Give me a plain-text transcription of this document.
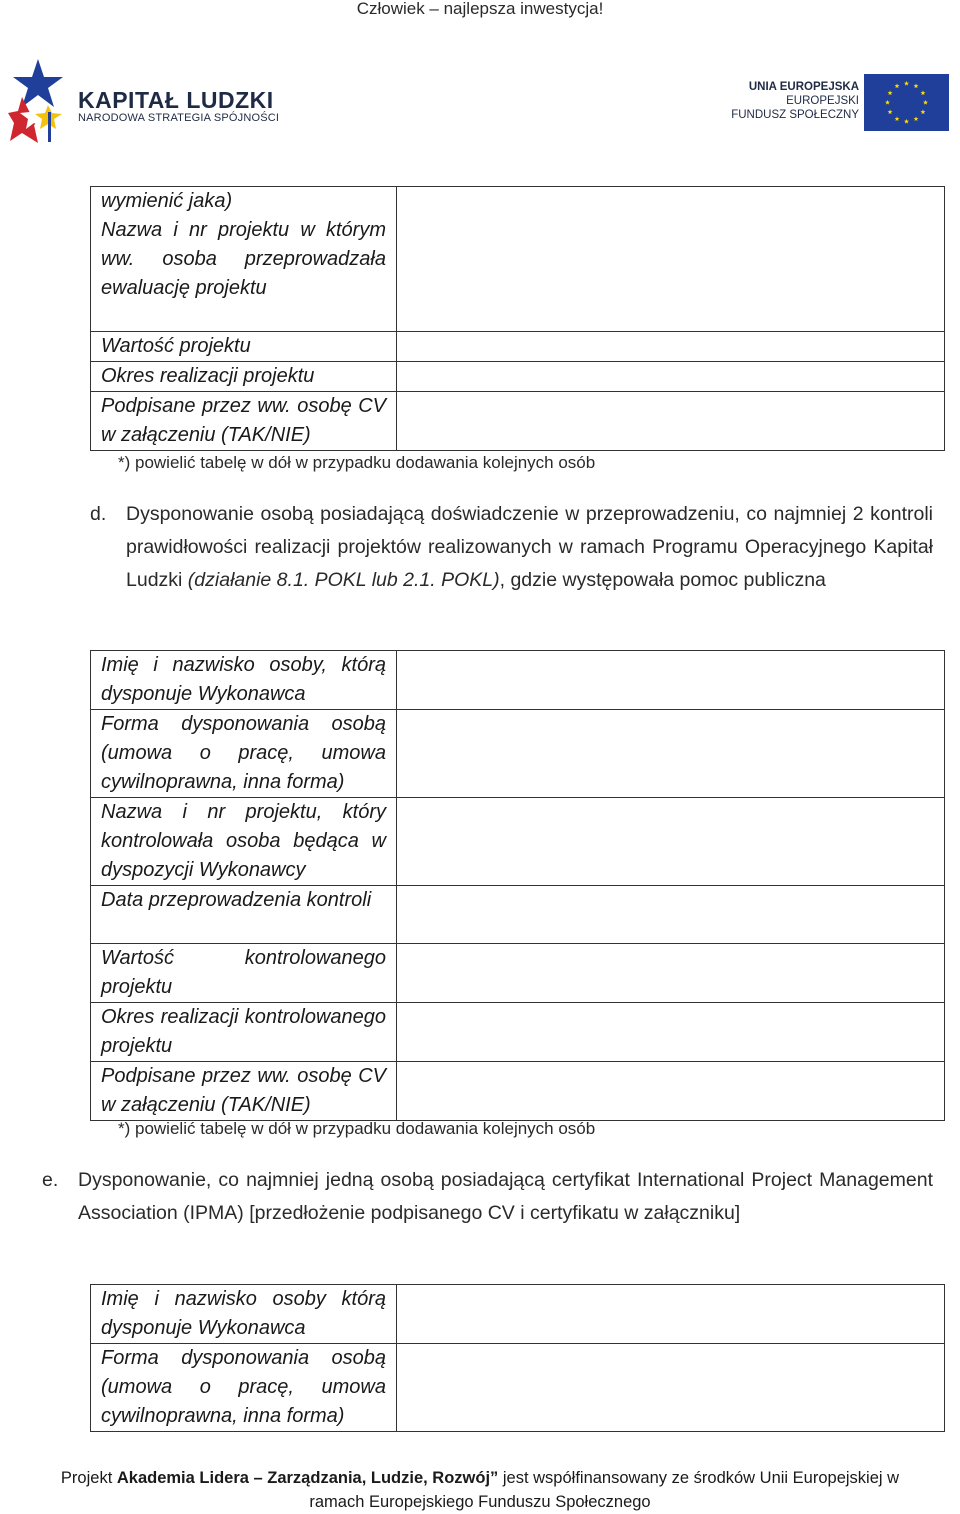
Człowiek – najlepsza inwestycja!
KAPITAŁ LUDZKI
NARODOWA STRATEGIA SPÓJNOŚCI
UNIA EUROPEJSKA
EUROPEJSKI
FUNDUSZ SPOŁECZNY
wymienić jaka)
Nazwa i nr projektu w którym ww. osoba przeprowadzała ewaluację projektu	

Wartość projektu	
Okres realizacji projektu	
Podpisane przez ww. osobę CV w załączeniu (TAK/NIE)	
*) powielić tabelę w dół w przypadku dodawania kolejnych osób
d. Dysponowanie osobą posiadającą doświadczenie w przeprowadzeniu, co najmniej 2 kontroli prawidłowości realizacji projektów realizowanych w ramach Programu Operacyjnego Kapitał Ludzki (działanie 8.1. POKL lub 2.1. POKL), gdzie występowała pomoc publiczna
Imię i nazwisko osoby, którą dysponuje Wykonawca	
Forma dysponowania osobą (umowa o pracę, umowa cywilnoprawna, inna forma)	
Nazwa i nr projektu, który kontrolowała osoba będąca w dyspozycji Wykonawcy	
Data przeprowadzenia kontroli	
Wartość kontrolowanego projektu	
Okres realizacji kontrolowanego projektu	
Podpisane przez ww. osobę CV w załączeniu (TAK/NIE)	
*) powielić tabelę w dół w przypadku dodawania kolejnych osób
e. Dysponowanie, co najmniej jedną osobą posiadającą certyfikat International Project Management Association (IPMA) [przedłożenie podpisanego CV i certyfikatu w załączniku]
Imię i nazwisko osoby którą dysponuje Wykonawca	
Forma dysponowania osobą (umowa o pracę, umowa cywilnoprawna, inna forma)	
Projekt Akademia Lidera – Zarządzania, Ludzie, Rozwój” jest współfinansowany ze środków Unii Europejskiej w
ramach Europejskiego Funduszu Społecznego
